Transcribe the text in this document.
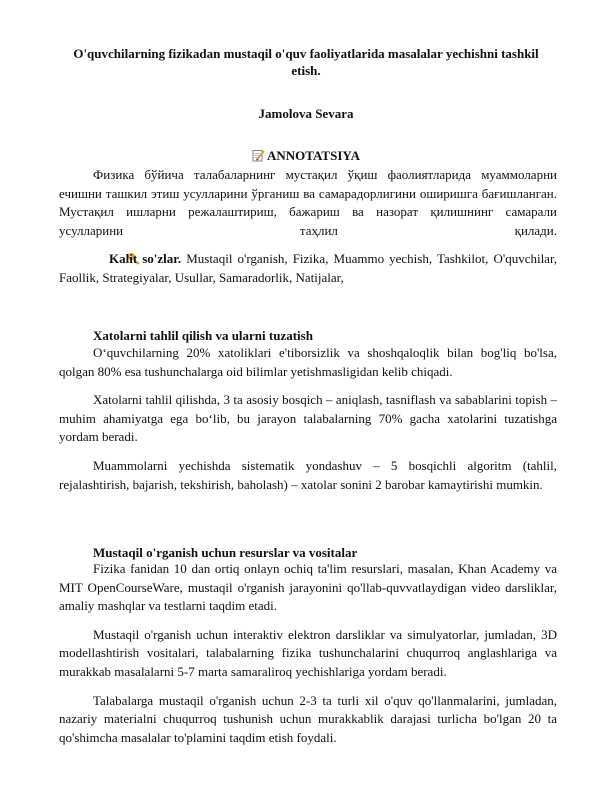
O'quvchilarning fizikadan mustaqil o'quv faoliyatlarida masalalar yechishni tashkil etish.
Jamolova Sevara
ANNOTATSIYA

Физика бўйича талабаларнинг мустақил ўқиш фаолиятларида муаммоларни ечишни ташкил этиш усулларини ўрганиш ва самарадорлигини оширишга бағишланган. Мустақил ишларни режалаштириш, бажариш ва назорат қилишнинг самарали усулларини таҳлил қилади.

Kalit so'zlar. Mustaqil o'rganish, Fizika, Muammo yechish, Tashkilot, O'quvchilar, Faollik, Strategiyalar, Usullar, Samaradorlik, Natijalar,

Xatolarni tahlil qilish va ularni tuzatish

O‘quvchilarning 20% xatoliklari e'tiborsizlik va shoshqaloqlik bilan bog'liq bo'lsa, qolgan 80% esa tushunchalarga oid bilimlar yetishmasligidan kelib chiqadi.

Xatolarni tahlil qilishda, 3 ta asosiy bosqich – aniqlash, tasniflash va sabablarini topish – muhim ahamiyatga ega bo‘lib, bu jarayon talabalarning 70% gacha xatolarini tuzatishga yordam beradi.

Muammolarni yechishda sistematik yondashuv – 5 bosqichli algoritm (tahlil, rejalashtirish, bajarish, tekshirish, baholash) – xatolar sonini 2 barobar kamaytirishi mumkin.

Mustaqil o'rganish uchun resurslar va vositalar

Fizika fanidan 10 dan ortiq onlayn ochiq ta'lim resurslari, masalan, Khan Academy va MIT OpenCourseWare, mustaqil o'rganish jarayonini qo'llab-quvvatlaydigan video darsliklar, amaliy mashqlar va testlarni taqdim etadi.

Mustaqil o'rganish uchun interaktiv elektron darsliklar va simulyatorlar, jumladan, 3D modellashtirish vositalari, talabalarning fizika tushunchalarini chuqurroq anglashlariga va murakkab masalalarni 5-7 marta samaraliroq yechishlariga yordam beradi.

Talabalarga mustaqil o'rganish uchun 2-3 ta turli xil o'quv qo'llanmalarini, jumladan, nazariy materialni chuqurroq tushunish uchun murakkablik darajasi turlicha bo'lgan 20 ta qo'shimcha masalalar to'plamini taqdim etish foydali.
